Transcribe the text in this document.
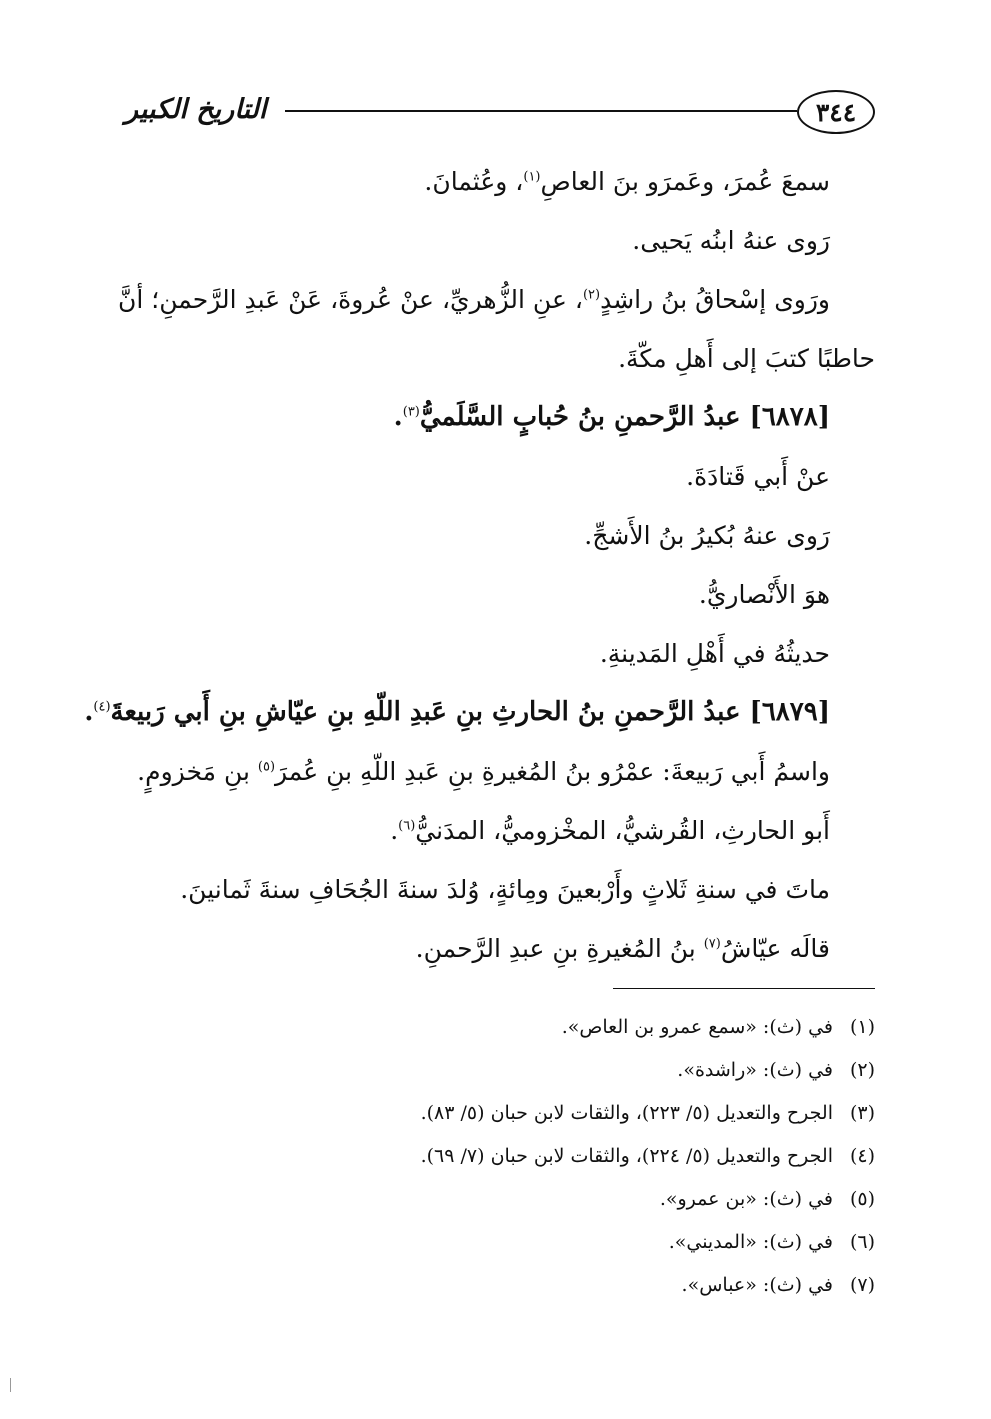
٣٤٤
التاريخ الكبير
سمعَ عُمرَ، وعَمرَو بنَ العاصِ$^{(١)}$، وعُثمانَ.
رَوى عنهُ ابنُه يَحيى.
ورَوى إسْحاقُ بنُ راشِدٍ$^{(٢)}$، عنِ الزُّهريِّ، عنْ عُروةَ، عَنْ عَبدِ الرَّحمنِ؛ أنَّ
حاطبًا كتبَ إلى أَهلِ مكّةَ.
[٦٨٧٨] عبدُ الرَّحمنِ بنُ حُبابٍ السَّلَميُّ$^{(٣)}$.
عنْ أَبي قَتادَةَ.
رَوى عنهُ بُكيرُ بنُ الأَشجِّ.
هوَ الأَنْصاريُّ.
حديثُهُ في أَهْلِ المَدينةِ.
[٦٨٧٩] عبدُ الرَّحمنِ بنُ الحارثِ بنِ عَبدِ اللّهِ بنِ عيّاشِ بنِ أَبي رَبيعةَ$^{(٤)}$.
واسمُ أَبي رَبيعةَ: عمْرُو بنُ المُغيرةِ بنِ عَبدِ اللّهِ بنِ عُمرَ$^{(٥)}$ بنِ مَخزومٍ.
أَبو الحارثِ، القُرشيُّ، المخْزوميُّ، المدَنيُّ$^{(٦)}$.
ماتَ في سنةِ ثَلاثٍ وأَرْبعينَ ومِائةٍ، وُلدَ سنةَ الجُحَافِ سنةَ ثَمانينَ.
قالَه عيّاشُ$^{(٧)}$ بنُ المُغيرةِ بنِ عبدِ الرَّحمنِ.
(١)
في (ث): «سمع عمرو بن العاص».
(٢)
في (ث): «راشدة».
(٣)
الجرح والتعديل (٥/ ٢٢٣)، والثقات لابن حبان (٥/ ٨٣).
(٤)
الجرح والتعديل (٥/ ٢٢٤)، والثقات لابن حبان (٧/ ٦٩).
(٥)
في (ث): «بن عمرو».
(٦)
في (ث): «المديني».
(٧)
في (ث): «عباس».
